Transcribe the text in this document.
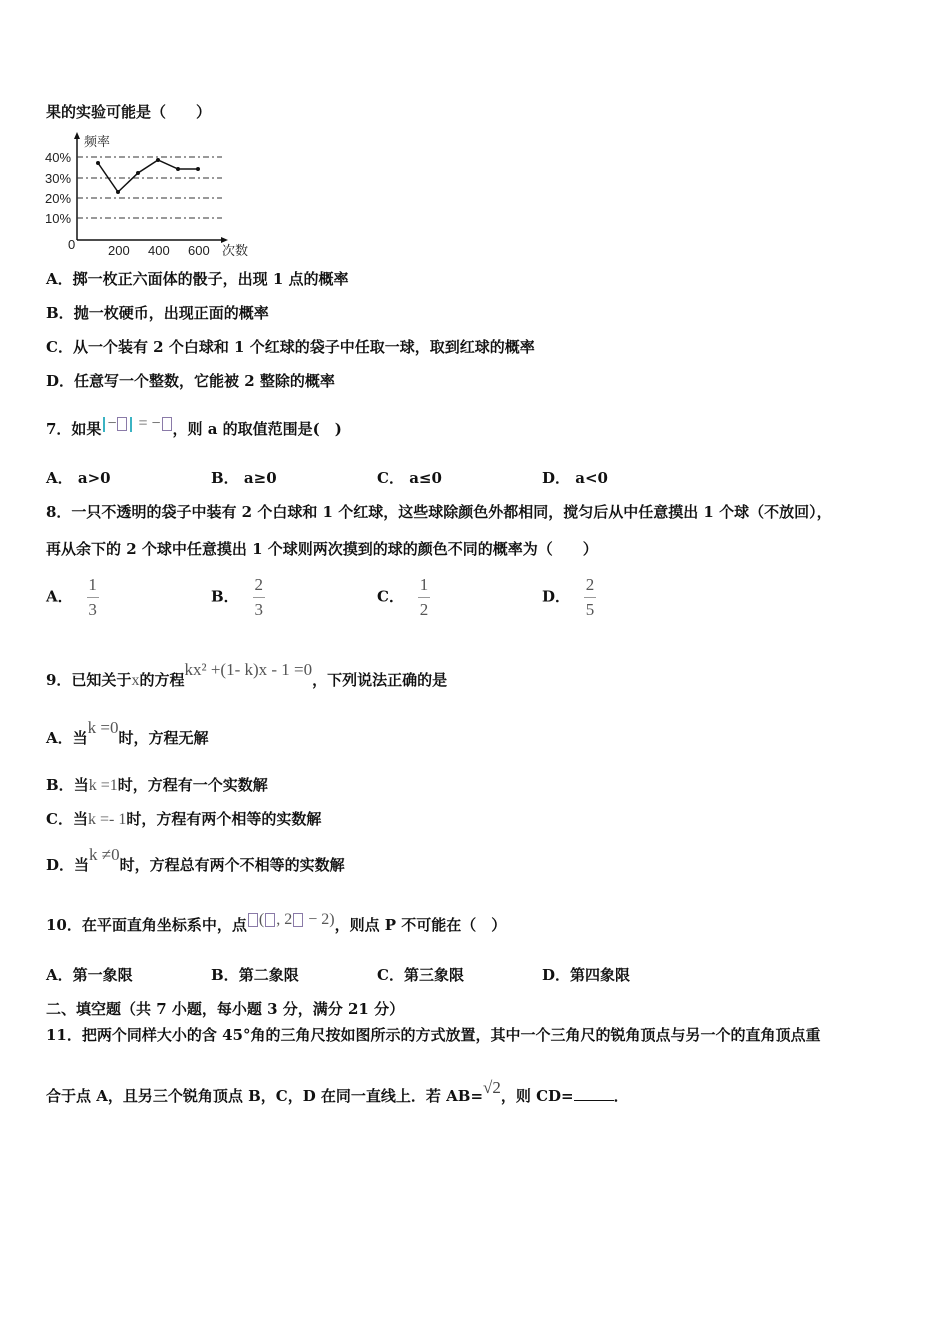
果的实验可能是（　　）
40%
30%
20%
10%
0
频率
200 400 600 次数
A．掷一枚正六面体的骰子，出现 1 点的概率
B．抛一枚硬币，出现正面的概率
C．从一个装有 2 个白球和 1 个红球的袋子中任取一球，取到红球的概率
D．任意写一个整数，它能被 2 整除的概率
7．如果 − = − ，则 a 的取值范围是(　)
A． a>0	B． a≥0	C． a≤0	D． a<0
8．一只不透明的袋子中装有 2 个白球和 1 个红球，这些球除颜色外都相同，搅匀后从中任意摸出 1 个球（不放回），
再从余下的 2 个球中任意摸出 1 个球则两次摸到的球的颜色不同的概率为（　　）
A． $\frac{1}{3}$	B． $\frac{2}{3}$	C． $\frac{1}{2}$	D． $\frac{2}{5}$
9．已知关于x的方程kx² +(1- k)x - 1 =0，下列说法正确的是
A．当k =0时，方程无解
B．当k =1时，方程有一个实数解
C．当k =- 1时，方程有两个相等的实数解
D．当k ≠0时，方程总有两个不相等的实数解
10．在平面直角坐标系中，点 ( , 2 − 2)，则点 P 不可能在（　）
A．第一象限	B．第二象限	C．第三象限	D．第四象限
二、填空题（共 7 小题，每小题 3 分，满分 21 分）
11．把两个同样大小的含 45°角的三角尺按如图所示的方式放置，其中一个三角尺的锐角顶点与另一个的直角顶点重
合于点 A，且另三个锐角顶点 B，C，D 在同一直线上．若 AB=√2，则 CD=	．
